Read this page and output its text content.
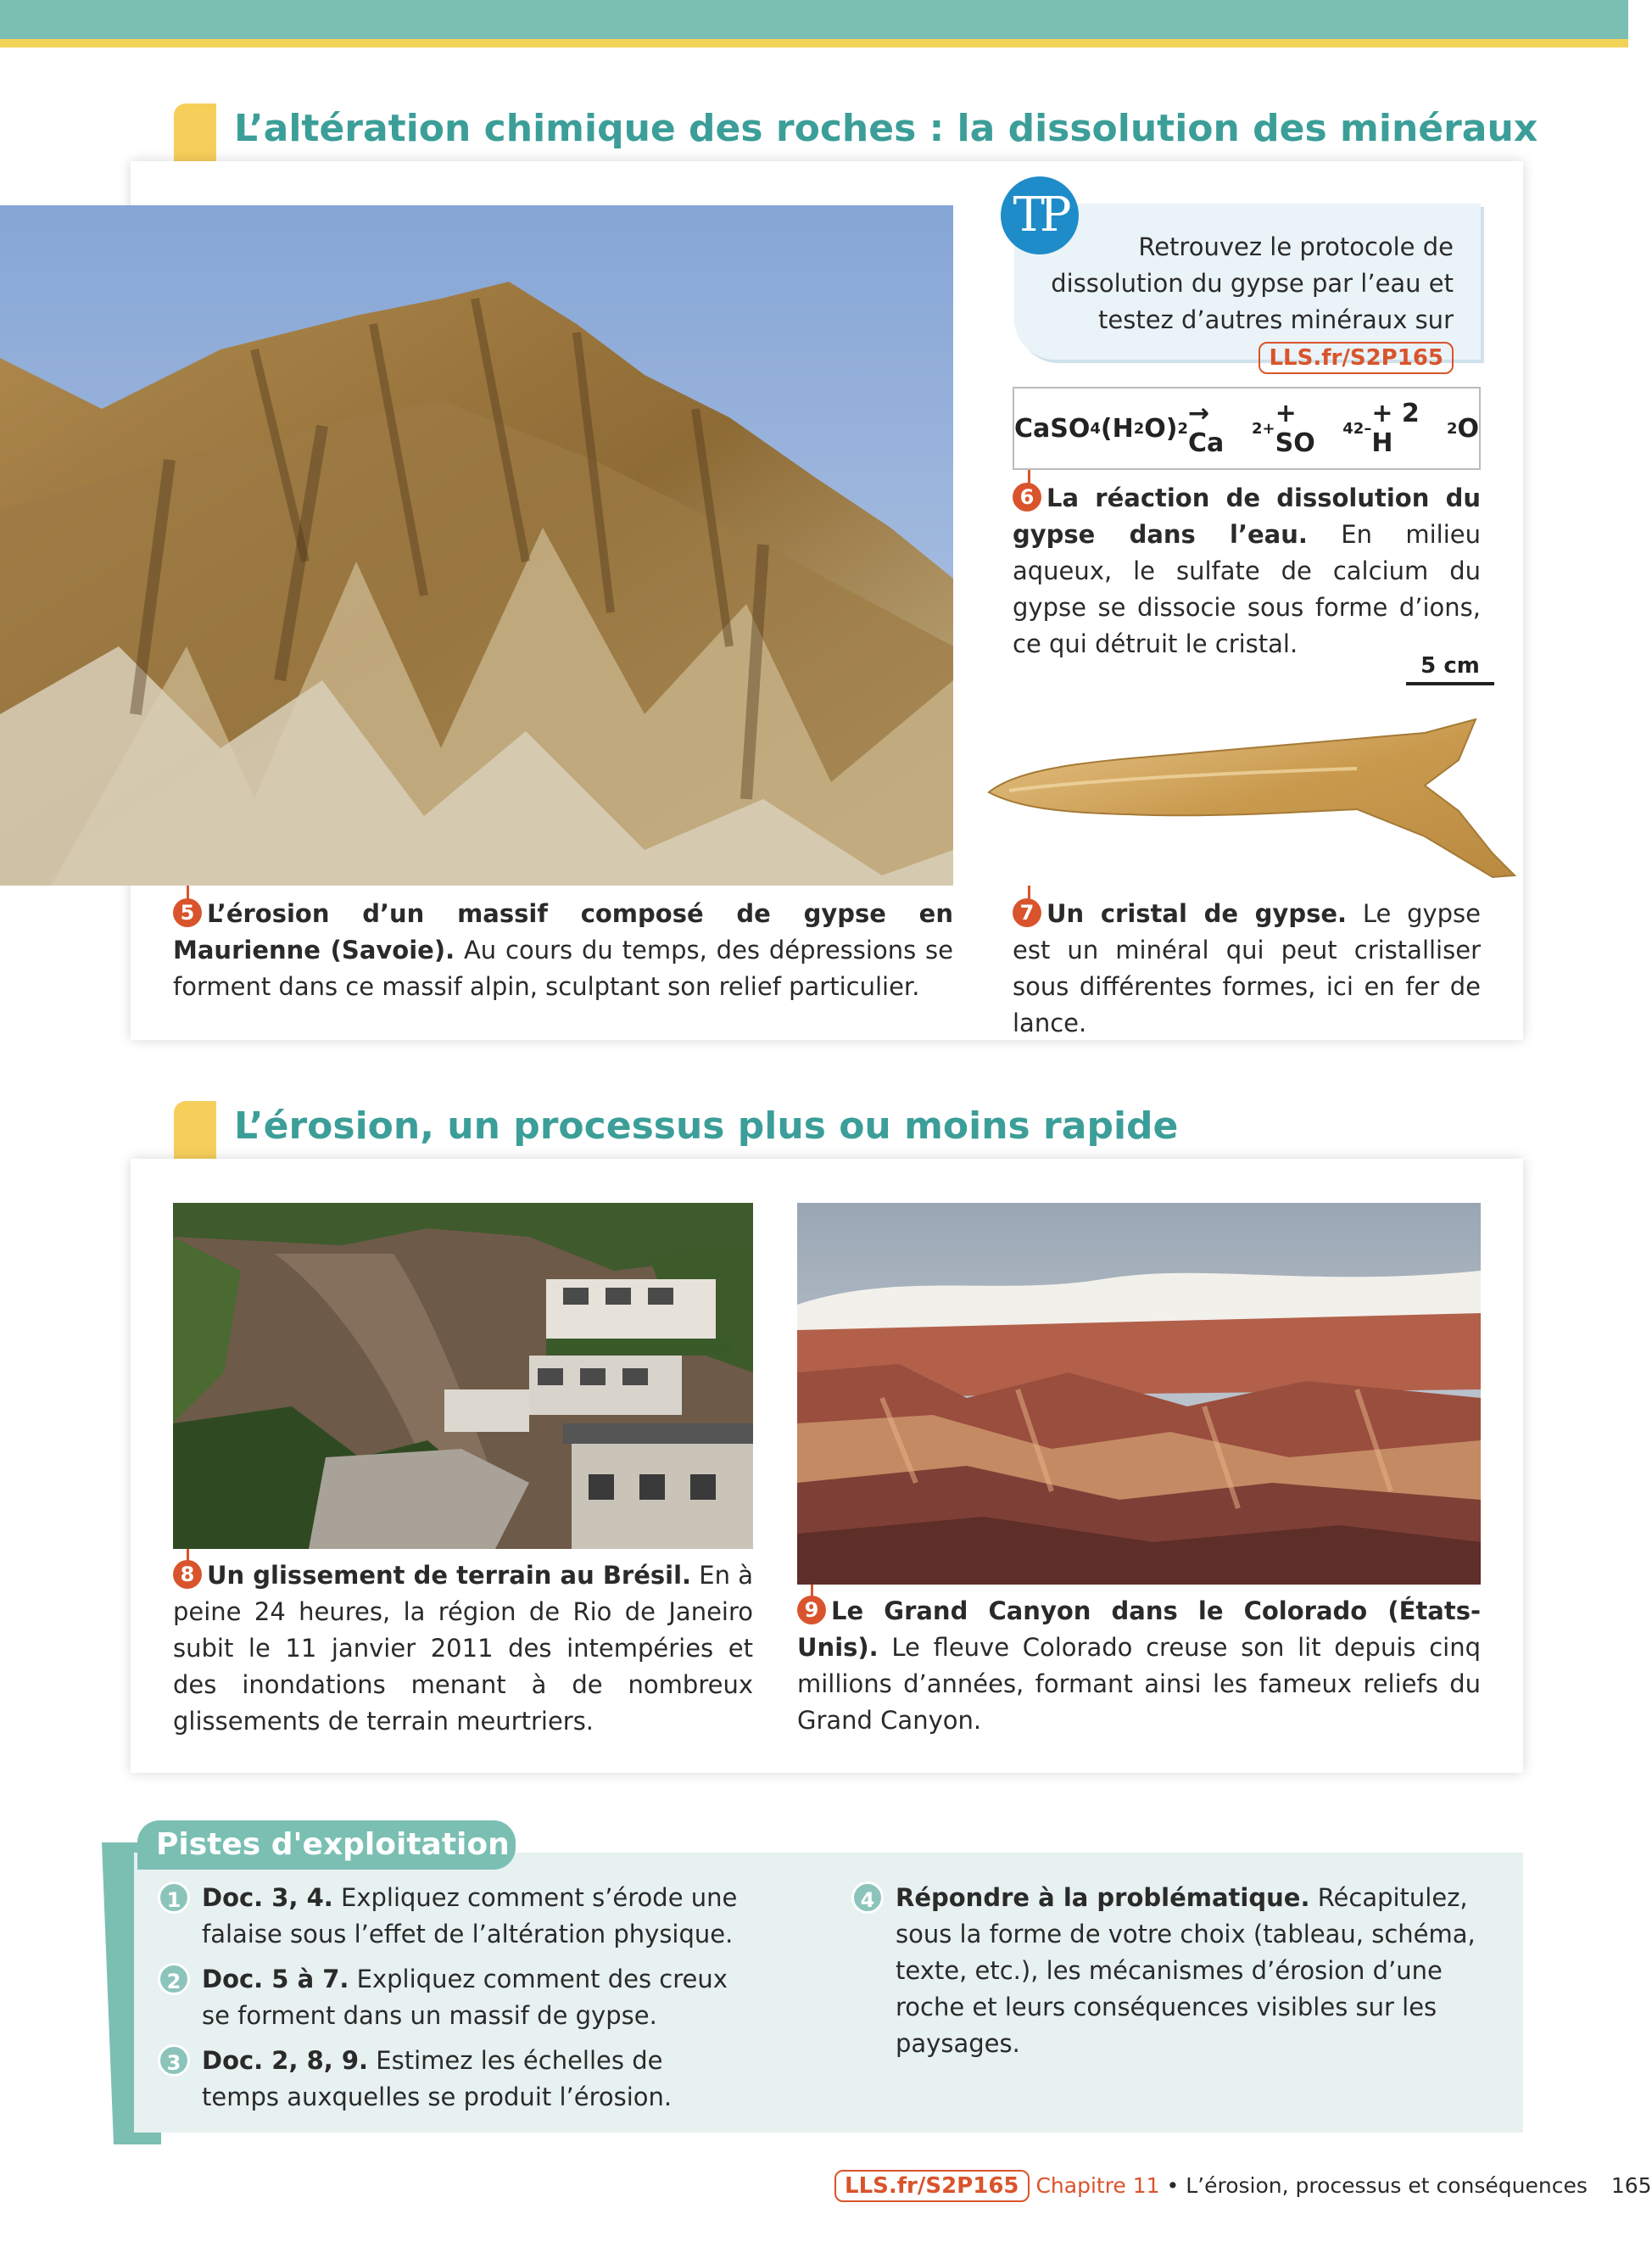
L’altération chimique des roches : la dissolution des minéraux
TP
Retrouvez le protocole de dissolution du gypse par l’eau et testez d’autres minéraux sur LLS.fr/S2P165
CaSO 4 (H 2 O) 2 → Ca	2+ + SO	4 2– + 2 H	2 O
6 La réaction de dissolution du gypse dans l’eau. En milieu aqueux, le sulfate de calcium du gypse se dissocie sous forme d’ions, ce qui détruit le cristal.
5 cm
5 L’érosion d’un massif composé de gypse en Maurienne (Savoie). Au cours du temps, des dépressions se forment dans ce massif alpin, sculptant son relief particulier.
7 Un cristal de gypse. Le gypse est un minéral qui peut cristalliser sous différentes formes, ici en fer de lance.
L’érosion, un processus plus ou moins rapide
8 Un glissement de terrain au Brésil. En à peine 24 heures, la région de Rio de Janeiro subit le 11 janvier 2011 des intempéries et des inondations menant à de nombreux glissements de terrain meurtriers.
9 Le Grand Canyon dans le Colorado (États-Unis). Le fleuve Colorado creuse son lit depuis cinq millions d’années, formant ainsi les fameux reliefs du Grand Canyon.
Pistes d'exploitation
1 Doc. 3, 4. Expliquez comment s’érode une falaise sous l’effet de l’altération physique.
2 Doc. 5 à 7. Expliquez comment des creux se forment dans un massif de gypse.
3 Doc. 2, 8, 9. Estimez les échelles de temps auxquelles se produit l’érosion.
4 Répondre à la problématique. Récapitulez, sous la forme de votre choix (tableau, schéma, texte, etc.), les mécanismes d’érosion d’une roche et leurs conséquences visibles sur les paysages.
LLS.fr/S2P165 Chapitre 11 • L’érosion, processus et conséquences 165
